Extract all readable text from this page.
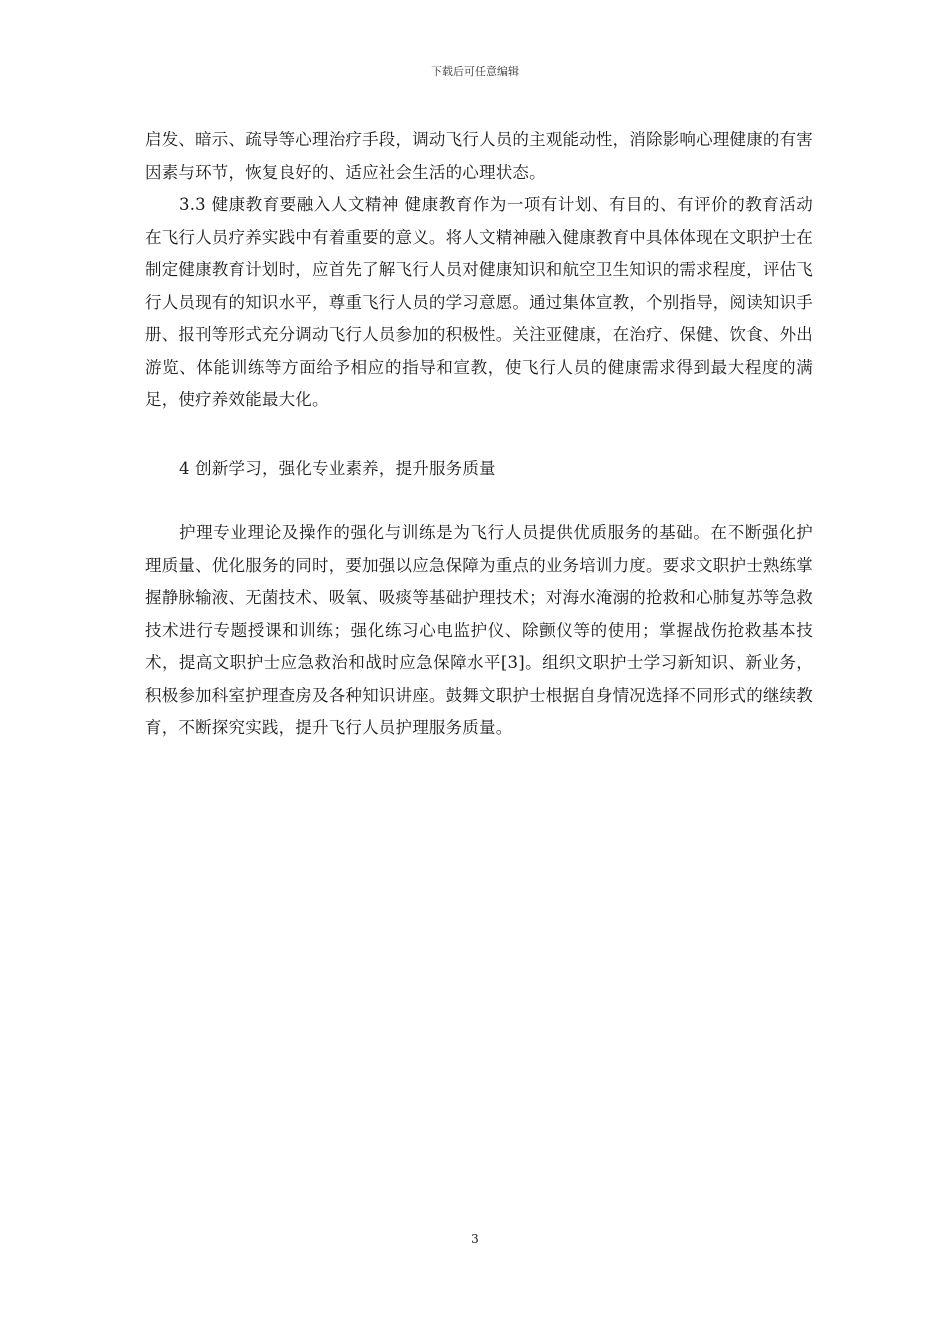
下载后可任意编辑

启发、暗示、疏导等心理治疗手段，调动飞行人员的主观能动性，消除影响心理健康的有害因素与环节，恢复良好的、适应社会生活的心理状态。

3.3 健康教育要融入人文精神 健康教育作为一项有计划、有目的、有评价的教育活动在飞行人员疗养实践中有着重要的意义。将人文精神融入健康教育中具体体现在文职护士在制定健康教育计划时，应首先了解飞行人员对健康知识和航空卫生知识的需求程度，评估飞行人员现有的知识水平，尊重飞行人员的学习意愿。通过集体宣教，个别指导，阅读知识手册、报刊等形式充分调动飞行人员参加的积极性。关注亚健康，在治疗、保健、饮食、外出游览、体能训练等方面给予相应的指导和宣教，使飞行人员的健康需求得到最大程度的满足，使疗养效能最大化。

4 创新学习，强化专业素养，提升服务质量

护理专业理论及操作的强化与训练是为飞行人员提供优质服务的基础。在不断强化护理质量、优化服务的同时，要加强以应急保障为重点的业务培训力度。要求文职护士熟练掌握静脉输液、无菌技术、吸氧、吸痰等基础护理技术；对海水淹溺的抢救和心肺复苏等急救技术进行专题授课和训练；强化练习心电监护仪、除颤仪等的使用；掌握战伤抢救基本技术，提高文职护士应急救治和战时应急保障水平[3]。组织文职护士学习新知识、新业务，积极参加科室护理查房及各种知识讲座。鼓舞文职护士根据自身情况选择不同形式的继续教育，不断探究实践，提升飞行人员护理服务质量。

3
